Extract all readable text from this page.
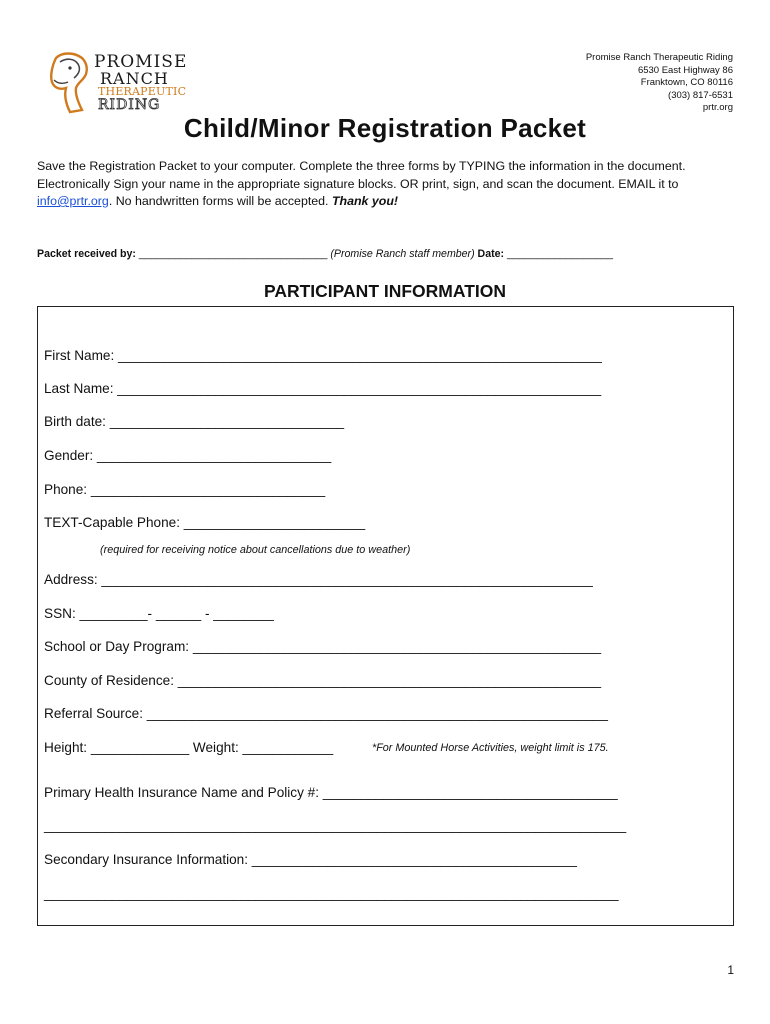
PROMISE
RANCH
THERAPEUTIC
RIDING
Promise Ranch Therapeutic Riding
6530 East Highway 86
Franktown, CO 80116
(303) 817-6531
prtr.org
Child/Minor Registration Packet
Save the Registration Packet to your computer. Complete the three forms by TYPING the information in the document. Electronically Sign your name in the appropriate signature blocks. OR print, sign, and scan the document. EMAIL it to info@prtr.org. No handwritten forms will be accepted. Thank you!
Packet received by: ________________________________ (Promise Ranch staff member) Date: __________________
PARTICIPANT INFORMATION
First Name: ________________________________________________________________
Last Name: ________________________________________________________________
Birth date: _______________________________
Gender: _______________________________
Phone: _______________________________
TEXT-Capable Phone: ________________________
(required for receiving notice about cancellations due to weather)
Address: _________________________________________________________________
SSN: _________- ______ - ________
School or Day Program: ______________________________________________________
County of Residence: ________________________________________________________
Referral Source: _____________________________________________________________
Height: _____________ Weight: ____________	*For Mounted Horse Activities, weight limit is 175.
Primary Health Insurance Name and Policy #: _______________________________________
_____________________________________________________________________________
Secondary Insurance Information: ___________________________________________
____________________________________________________________________________
1
